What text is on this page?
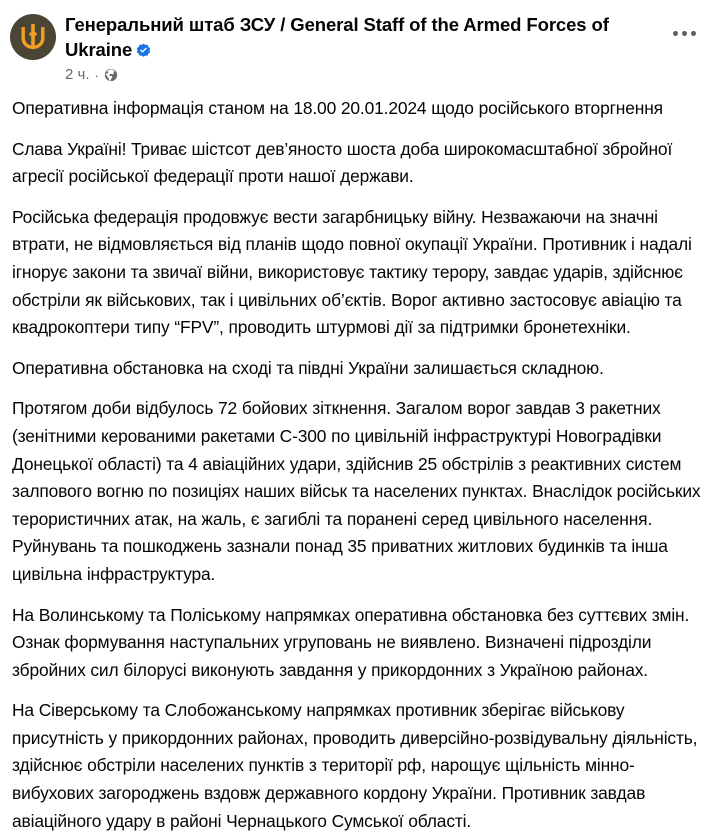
Генеральний штаб ЗСУ / General Staff of the Armed Forces of Ukraine
2 ч. ·

Оперативна інформація станом на 18.00 20.01.2024 щодо російського вторгнення

Слава Україні! Триває шістсот дев’яносто шоста доба широкомасштабної збройної агресії російської федерації проти нашої держави.

Російська федерація продовжує вести загарбницьку війну. Незважаючи на значні втрати, не відмовляється від планів щодо повної окупації України. Противник і надалі ігнорує закони та звичаї війни, використовує тактику терору, завдає ударів, здійснює обстріли як військових, так і цивільних об’єктів. Ворог активно застосовує авіацію та квадрокоптери типу “FPV”, проводить штурмові дії за підтримки бронетехніки.

Оперативна обстановка на сході та півдні України залишається складною.

Протягом доби відбулось 72 бойових зіткнення. Загалом ворог завдав 3 ракетних (зенітними керованими ракетами С-300 по цивільній інфраструктурі Новоградівки Донецької області) та 4 авіаційних удари, здійснив 25 обстрілів з реактивних систем залпового вогню по позиціях наших військ та населених пунктах. Внаслідок російських терористичних атак, на жаль, є загиблі та поранені серед цивільного населення. Руйнувань та пошкоджень зазнали понад 35 приватних житлових будинків та інша цивільна інфраструктура.

На Волинському та Поліському напрямках оперативна обстановка без суттєвих змін. Ознак формування наступальних угруповань не виявлено. Визначені підрозділи збройних сил білорусі виконують завдання у прикордонних з Україною районах.

На Сіверському та Слобожанському напрямках противник зберігає військову присутність у прикордонних районах, проводить диверсійно-розвідувальну діяльність, здійснює обстріли населених пунктів з території рф, нарощує щільність мінно-вибухових загороджень вздовж державного кордону України. Противник завдав авіаційного удару в районі Чернацького Сумської області.
